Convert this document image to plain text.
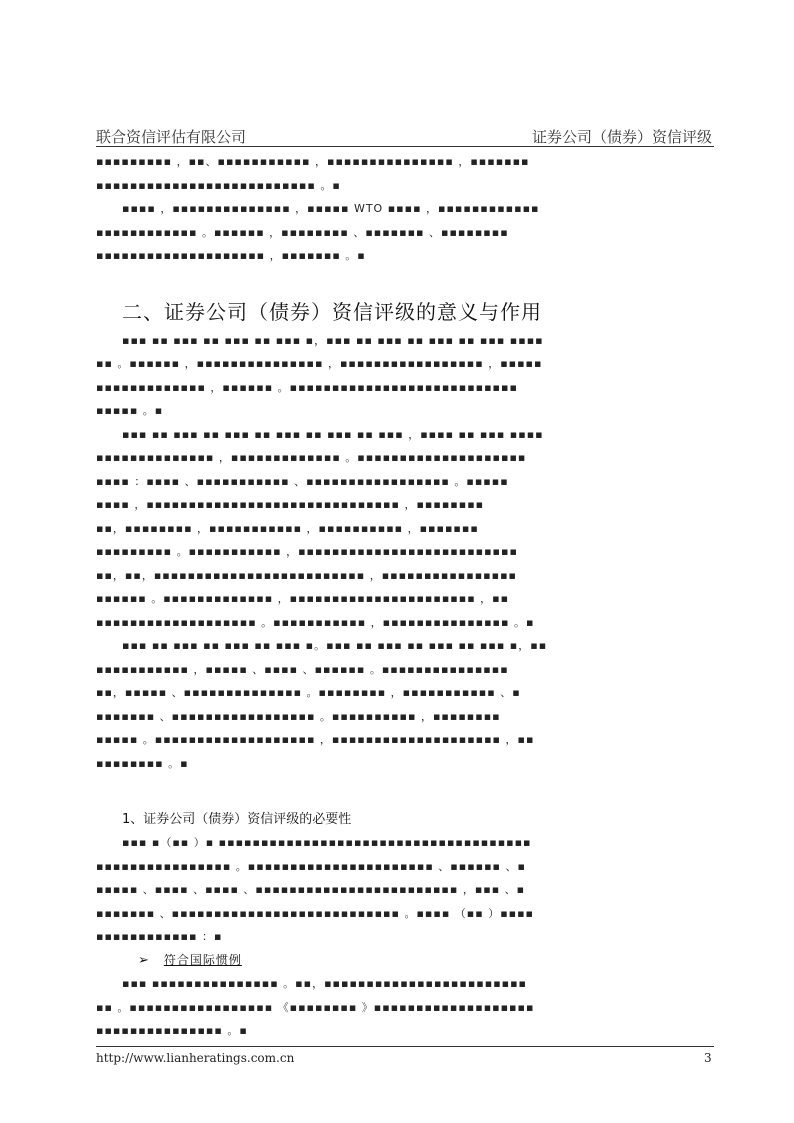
联合资信评估有限公司	证券公司（债券）资信评级
▪▪▪▪▪▪▪▪▪ ，▪▪、▪▪▪▪▪▪▪▪▪▪▪ ，▪▪▪▪▪▪▪▪▪▪▪▪▪▪▪ ，▪▪▪▪▪▪▪
▪▪▪▪▪▪▪▪▪▪▪▪▪▪▪▪▪▪▪▪▪▪▪▪▪▪ 。▪
▪▪▪▪ ，▪▪▪▪▪▪▪▪▪▪▪▪▪▪ ，▪▪▪▪▪ WTO ▪▪▪▪ ，▪▪▪▪▪▪▪▪▪▪▪▪
▪▪▪▪▪▪▪▪▪▪▪▪ 。▪▪▪▪▪▪ ，▪▪▪▪▪▪▪▪ 、▪▪▪▪▪▪▪ 、▪▪▪▪▪▪▪▪
▪▪▪▪▪▪▪▪▪▪▪▪▪▪▪▪▪▪▪▪ ，▪▪▪▪▪▪▪ 。▪
二、证券公司（债券）资信评级的意义与作用
▪▪▪ ▪▪ ▪▪▪ ▪▪ ▪▪▪ ▪▪ ▪▪▪ ▪，▪▪▪ ▪▪ ▪▪▪ ▪▪ ▪▪▪ ▪▪ ▪▪▪ ▪▪▪▪
▪▪ 。▪▪▪▪▪▪ ，▪▪▪▪▪▪▪▪▪▪▪▪▪▪▪ ，▪▪▪▪▪▪▪▪▪▪▪▪▪▪▪▪▪ ，▪▪▪▪▪
▪▪▪▪▪▪▪▪▪▪▪▪▪ ，▪▪▪▪▪▪ 。▪▪▪▪▪▪▪▪▪▪▪▪▪▪▪▪▪▪▪▪▪▪▪▪▪▪▪
▪▪▪▪▪ 。▪
▪▪▪ ▪▪ ▪▪▪ ▪▪ ▪▪▪ ▪▪ ▪▪▪ ▪▪ ▪▪▪ ▪▪ ▪▪▪ ，▪▪▪▪ ▪▪ ▪▪▪ ▪▪▪▪
▪▪▪▪▪▪▪▪▪▪▪▪▪▪ ，▪▪▪▪▪▪▪▪▪▪▪▪▪ 。▪▪▪▪▪▪▪▪▪▪▪▪▪▪▪▪▪▪▪▪
▪▪▪▪ ：▪▪▪▪ 、▪▪▪▪▪▪▪▪▪▪▪ 、▪▪▪▪▪▪▪▪▪▪▪▪▪▪▪▪▪ 。▪▪▪▪▪
▪▪▪▪ ，▪▪▪▪▪▪▪▪▪▪▪▪▪▪▪▪▪▪▪▪▪▪▪▪▪▪▪▪▪▪ ，▪▪▪▪▪▪▪▪
▪▪，▪▪▪▪▪▪▪▪ ，▪▪▪▪▪▪▪▪▪▪▪ ，▪▪▪▪▪▪▪▪▪▪ ，▪▪▪▪▪▪▪
▪▪▪▪▪▪▪▪▪ 。▪▪▪▪▪▪▪▪▪▪▪ ，▪▪▪▪▪▪▪▪▪▪▪▪▪▪▪▪▪▪▪▪▪▪▪▪▪▪
▪▪，▪▪，▪▪▪▪▪▪▪▪▪▪▪▪▪▪▪▪▪▪▪▪▪▪▪▪▪ ，▪▪▪▪▪▪▪▪▪▪▪▪▪▪▪▪
▪▪▪▪▪▪ 。▪▪▪▪▪▪▪▪▪▪▪▪▪ ，▪▪▪▪▪▪▪▪▪▪▪▪▪▪▪▪▪▪▪▪▪▪ ，▪▪
▪▪▪▪▪▪▪▪▪▪▪▪▪▪▪▪▪▪▪ 。▪▪▪▪▪▪▪▪▪▪▪ ，▪▪▪▪▪▪▪▪▪▪▪▪▪▪▪ 。▪
▪▪▪ ▪▪ ▪▪▪ ▪▪ ▪▪▪ ▪▪ ▪▪▪ ▪。▪▪▪ ▪▪ ▪▪▪ ▪▪ ▪▪▪ ▪▪ ▪▪▪ ▪，▪▪
▪▪▪▪▪▪▪▪▪▪▪ ，▪▪▪▪▪ 、▪▪▪▪ 、▪▪▪▪▪▪ 。▪▪▪▪▪▪▪▪▪▪▪▪▪▪▪
▪▪，▪▪▪▪▪ 、▪▪▪▪▪▪▪▪▪▪▪▪▪▪ 。▪▪▪▪▪▪▪▪ ，▪▪▪▪▪▪▪▪▪▪▪ 、▪
▪▪▪▪▪▪▪ 、▪▪▪▪▪▪▪▪▪▪▪▪▪▪▪▪▪ 。▪▪▪▪▪▪▪▪▪▪ ，▪▪▪▪▪▪▪▪
▪▪▪▪▪ 。▪▪▪▪▪▪▪▪▪▪▪▪▪▪▪▪▪▪▪ ，▪▪▪▪▪▪▪▪▪▪▪▪▪▪▪▪▪▪▪▪ ，▪▪
▪▪▪▪▪▪▪▪ 。▪
1、证券公司（债券）资信评级的必要性
▪▪▪ ▪（▪▪ ）▪ ▪▪▪▪▪▪▪▪▪▪▪▪▪▪▪▪▪▪▪▪▪▪▪▪▪▪▪▪▪▪▪▪▪▪▪▪▪
▪▪▪▪▪▪▪▪▪▪▪▪▪▪▪▪ 。▪▪▪▪▪▪▪▪▪▪▪▪▪▪▪▪▪▪▪▪▪▪ 、▪▪▪▪▪▪ 、▪
▪▪▪▪▪ 、▪▪▪▪ 、▪▪▪▪ 、▪▪▪▪▪▪▪▪▪▪▪▪▪▪▪▪▪▪▪▪▪▪▪▪ ，▪▪▪ 、▪
▪▪▪▪▪▪▪ 、▪▪▪▪▪▪▪▪▪▪▪▪▪▪▪▪▪▪▪▪▪▪▪▪▪▪▪ 。▪▪▪▪ （▪▪ ）▪▪▪▪
▪▪▪▪▪▪▪▪▪▪▪▪ ：▪
➢ 符合国际惯例
▪▪▪ ▪▪▪▪▪▪▪▪▪▪▪▪▪▪▪ 。▪▪，▪▪▪▪▪▪▪▪▪▪▪▪▪▪▪▪▪▪▪▪▪▪▪▪
▪▪ 。▪▪▪▪▪▪▪▪▪▪▪▪▪▪▪▪▪ 《▪▪▪▪▪▪▪▪ 》▪▪▪▪▪▪▪▪▪▪▪▪▪▪▪▪▪▪▪
▪▪▪▪▪▪▪▪▪▪▪▪▪▪▪ 。▪
http://www.lianheratings.com.cn	3
